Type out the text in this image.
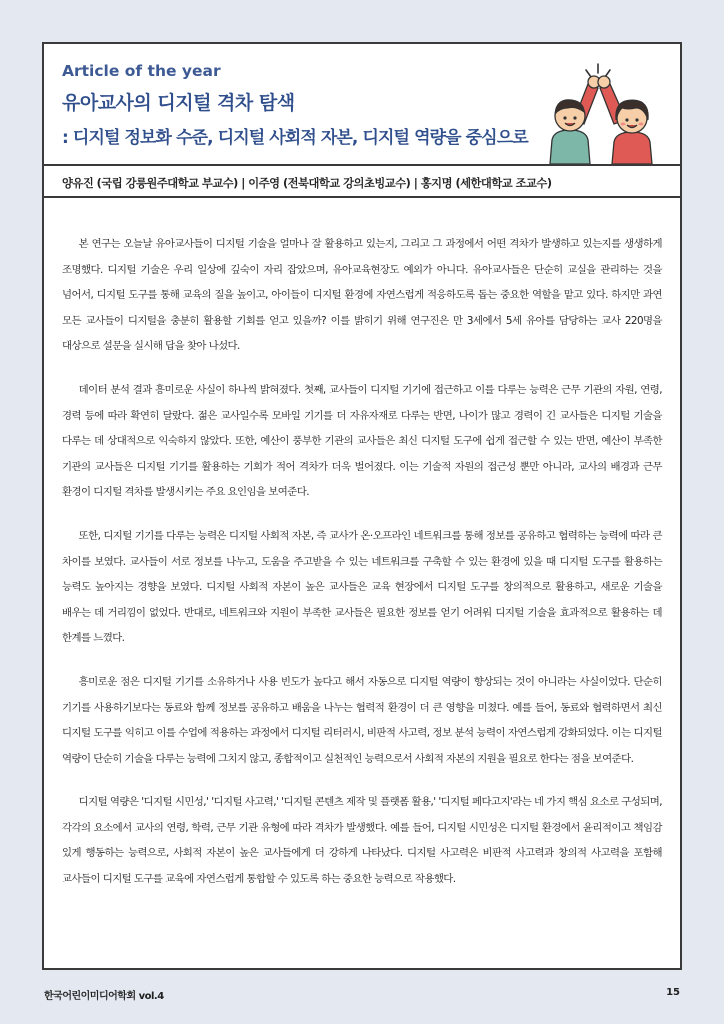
Article of the year
유아교사의 디지털 격차 탐색
: 디지털 정보화 수준, 디지털 사회적 자본, 디지털 역량을 중심으로
양유진 (국립 강릉원주대학교 부교수) | 이주영 (전북대학교 강의초빙교수) | 홍지명 (세한대학교 조교수)

본 연구는 오늘날 유아교사들이 디지털 기술을 얼마나 잘 활용하고 있는지, 그리고 그 과정에서 어떤 격차가 발생하고 있는지를 생생하게 조명했다. 디지털 기술은 우리 일상에 깊숙이 자리 잡았으며, 유아교육현장도 예외가 아니다. 유아교사들은 단순히 교실을 관리하는 것을 넘어서, 디지털 도구를 통해 교육의 질을 높이고, 아이들이 디지털 환경에 자연스럽게 적응하도록 돕는 중요한 역할을 맡고 있다. 하지만 과연 모든 교사들이 디지털을 충분히 활용할 기회를 얻고 있을까? 이를 밝히기 위해 연구진은 만 3세에서 5세 유아를 담당하는 교사 220명을 대상으로 설문을 실시해 답을 찾아 나섰다.

데이터 분석 결과 흥미로운 사실이 하나씩 밝혀졌다. 첫째, 교사들이 디지털 기기에 접근하고 이를 다루는 능력은 근무 기관의 자원, 연령, 경력 등에 따라 확연히 달랐다. 젊은 교사일수록 모바일 기기를 더 자유자재로 다루는 반면, 나이가 많고 경력이 긴 교사들은 디지털 기술을 다루는 데 상대적으로 익숙하지 않았다. 또한, 예산이 풍부한 기관의 교사들은 최신 디지털 도구에 쉽게 접근할 수 있는 반면, 예산이 부족한 기관의 교사들은 디지털 기기를 활용하는 기회가 적어 격차가 더욱 벌어졌다. 이는 기술적 자원의 접근성 뿐만 아니라, 교사의 배경과 근무 환경이 디지털 격차를 발생시키는 주요 요인임을 보여준다.

또한, 디지털 기기를 다루는 능력은 디지털 사회적 자본, 즉 교사가 온·오프라인 네트워크를 통해 정보를 공유하고 협력하는 능력에 따라 큰 차이를 보였다. 교사들이 서로 정보를 나누고, 도움을 주고받을 수 있는 네트워크를 구축할 수 있는 환경에 있을 때 디지털 도구를 활용하는 능력도 높아지는 경향을 보였다. 디지털 사회적 자본이 높은 교사들은 교육 현장에서 디지털 도구를 창의적으로 활용하고, 새로운 기술을 배우는 데 거리낌이 없었다. 반대로, 네트워크와 지원이 부족한 교사들은 필요한 정보를 얻기 어려워 디지털 기술을 효과적으로 활용하는 데 한계를 느꼈다.

흥미로운 점은 디지털 기기를 소유하거나 사용 빈도가 높다고 해서 자동으로 디지털 역량이 향상되는 것이 아니라는 사실이었다. 단순히 기기를 사용하기보다는 동료와 함께 정보를 공유하고 배움을 나누는 협력적 환경이 더 큰 영향을 미쳤다. 예를 들어, 동료와 협력하면서 최신 디지털 도구를 익히고 이를 수업에 적용하는 과정에서 디지털 리터러시, 비판적 사고력, 정보 분석 능력이 자연스럽게 강화되었다. 이는 디지털 역량이 단순히 기술을 다루는 능력에 그치지 않고, 종합적이고 실천적인 능력으로서 사회적 자본의 지원을 필요로 한다는 점을 보여준다.

디지털 역량은 '디지털 시민성,' '디지털 사고력,' '디지털 콘텐츠 제작 및 플랫폼 활용,' '디지털 페다고지'라는 네 가지 핵심 요소로 구성되며, 각각의 요소에서 교사의 연령, 학력, 근무 기관 유형에 따라 격차가 발생했다. 예를 들어, 디지털 시민성은 디지털 환경에서 윤리적이고 책임감 있게 행동하는 능력으로, 사회적 자본이 높은 교사들에게 더 강하게 나타났다. 디지털 사고력은 비판적 사고력과 창의적 사고력을 포함해 교사들이 디지털 도구를 교육에 자연스럽게 통합할 수 있도록 하는 중요한 능력으로 작용했다.

한국어린이미디어학회 vol.4	15
